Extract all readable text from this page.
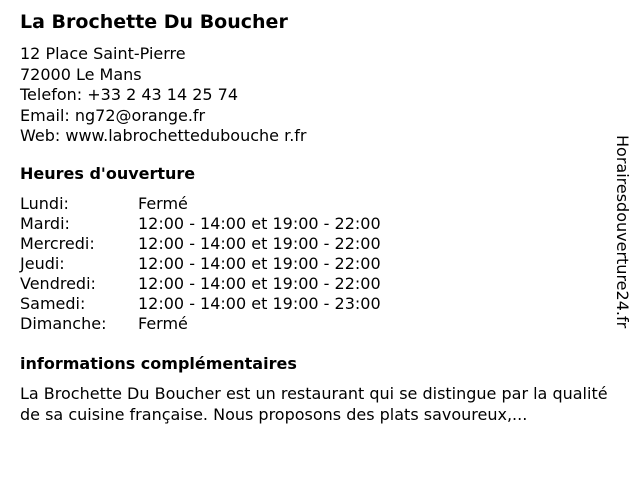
La Brochette Du Boucher
12 Place Saint-Pierre
72000 Le Mans
Telefon: +33 2 43 14 25 74
Email: ng72@orange.fr
Web: www.labrochettedubouche r.fr
Heures d'ouverture
Lundi:	Fermé
Mardi:	12:00 - 14:00 et 19:00 - 22:00
Mercredi:	12:00 - 14:00 et 19:00 - 22:00
Jeudi:	12:00 - 14:00 et 19:00 - 22:00
Vendredi:	12:00 - 14:00 et 19:00 - 22:00
Samedi:	12:00 - 14:00 et 19:00 - 23:00
Dimanche:	Fermé
informations complémentaires
La Brochette Du Boucher est un restaurant qui se distingue par la qualité de sa cuisine française. Nous proposons des plats savoureux,...
Horairesdouverture24.fr
